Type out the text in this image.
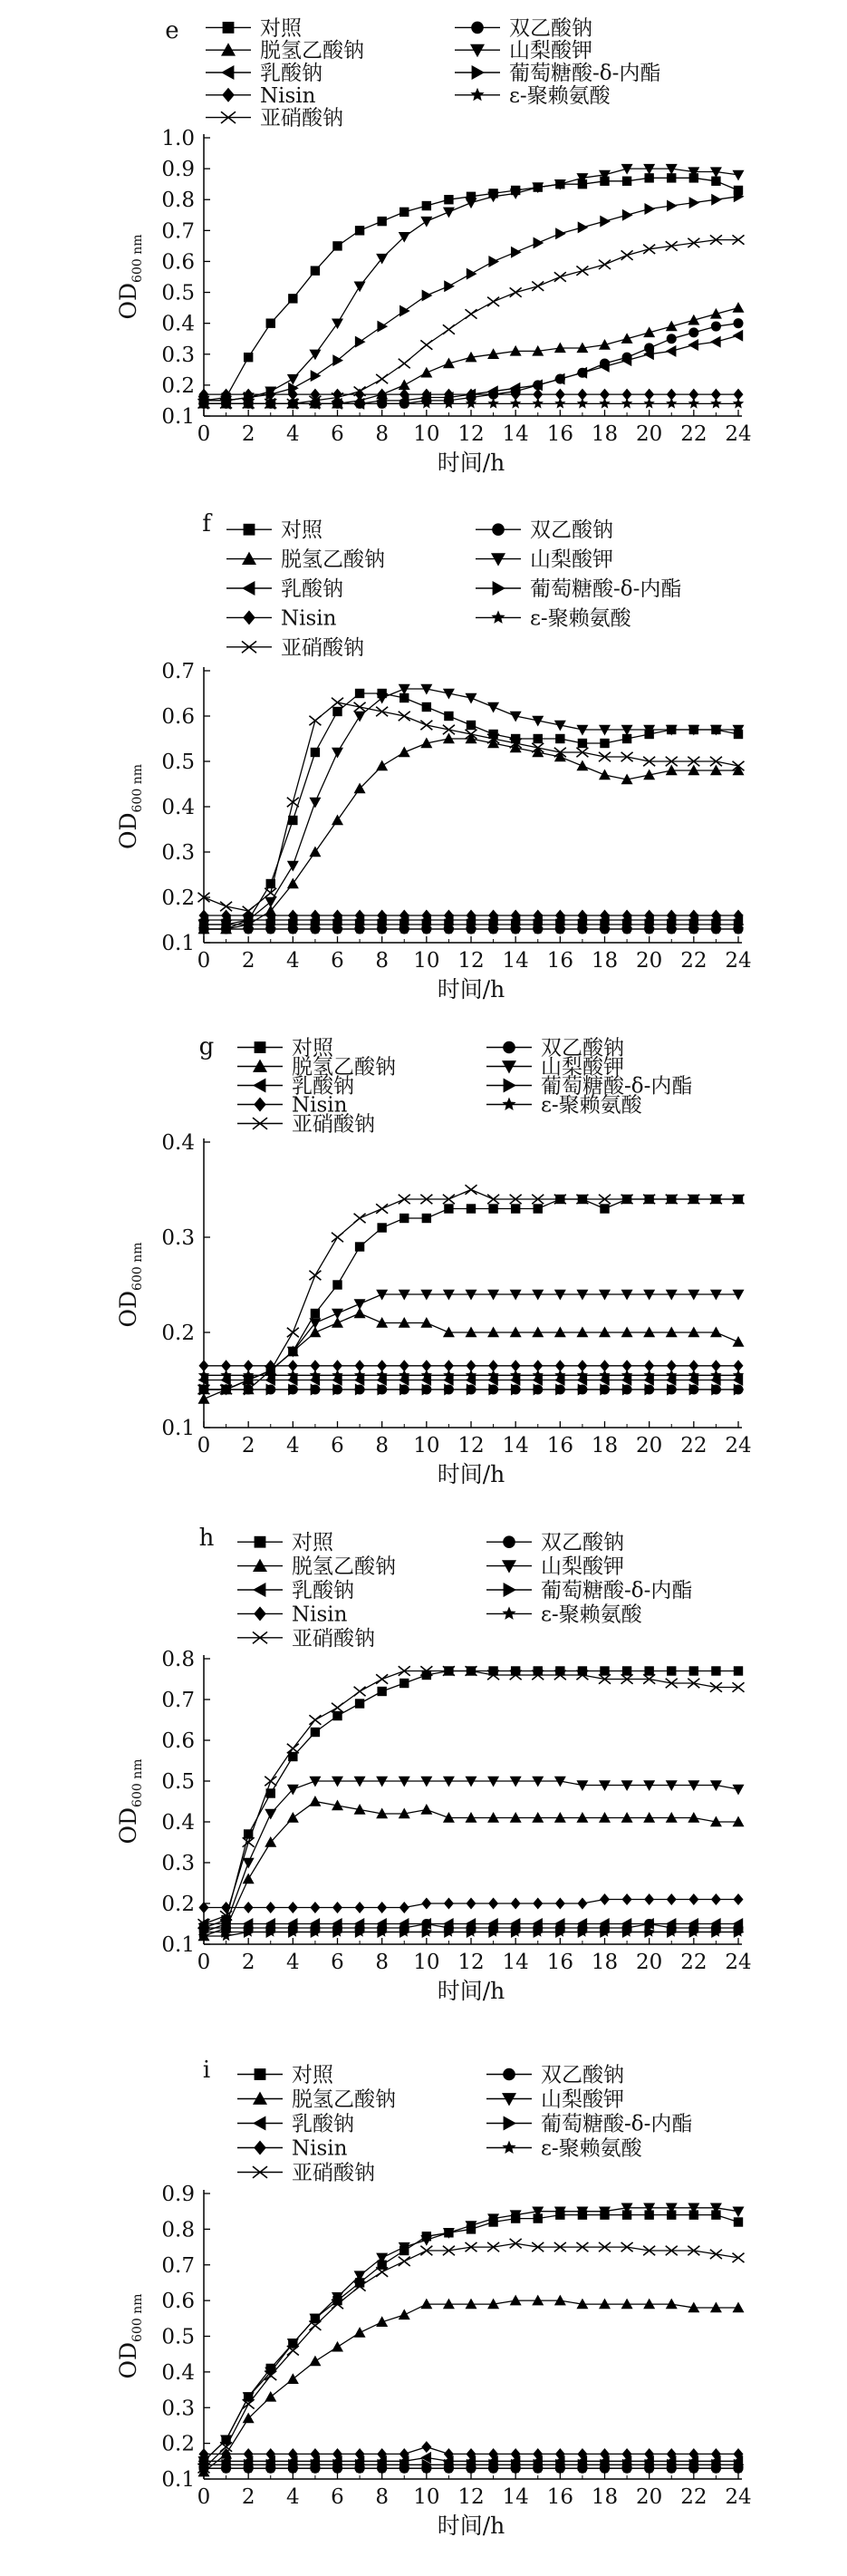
e	对照	双乙酸钠
脱氢乙酸钠	山梨酸钾
乳酸钠	葡萄糖酸-δ-内酯
Nisin	ε-聚赖氨酸
亚硝酸钠
0.1
0.2
0.3
0.4
0.5
0.6
0.7
0.8
0.9
1.0
0 2 4 6 8 10 12 14 16 18 20 22 24
时间/h
$OD_{600 nm}$
f	对照	双乙酸钠
脱氢乙酸钠	山梨酸钾
乳酸钠	葡萄糖酸-δ-内酯
Nisin	ε-聚赖氨酸
亚硝酸钠
0.1
0.2
0.3
0.4
0.5
0.6
0.7
0 2 4 6 8 10 12 14 16 18 20 22 24
时间/h
$OD_{600 nm}$
g	对照	双乙酸钠
脱氢乙酸钠	山梨酸钾
乳酸钠	葡萄糖酸-δ-内酯
Nisin	ε-聚赖氨酸
亚硝酸钠
0.1
0.2
0.3
0.4
0 2 4 6 8 10 12 14 16 18 20 22 24
时间/h
$OD_{600 nm}$
h	对照	双乙酸钠
脱氢乙酸钠	山梨酸钾
乳酸钠	葡萄糖酸-δ-内酯
Nisin	ε-聚赖氨酸
亚硝酸钠
0.1
0.2
0.3
0.4
0.5
0.6
0.7
0.8
0 2 4 6 8 10 12 14 16 18 20 22 24
时间/h
$OD_{600 nm}$
i	对照	双乙酸钠
脱氢乙酸钠	山梨酸钾
乳酸钠	葡萄糖酸-δ-内酯
Nisin	ε-聚赖氨酸
亚硝酸钠
0.1
0.2
0.3
0.4
0.5
0.6
0.7
0.8
0.9
0 2 4 6 8 10 12 14 16 18 20 22 24
时间/h
$OD_{600 nm}$
